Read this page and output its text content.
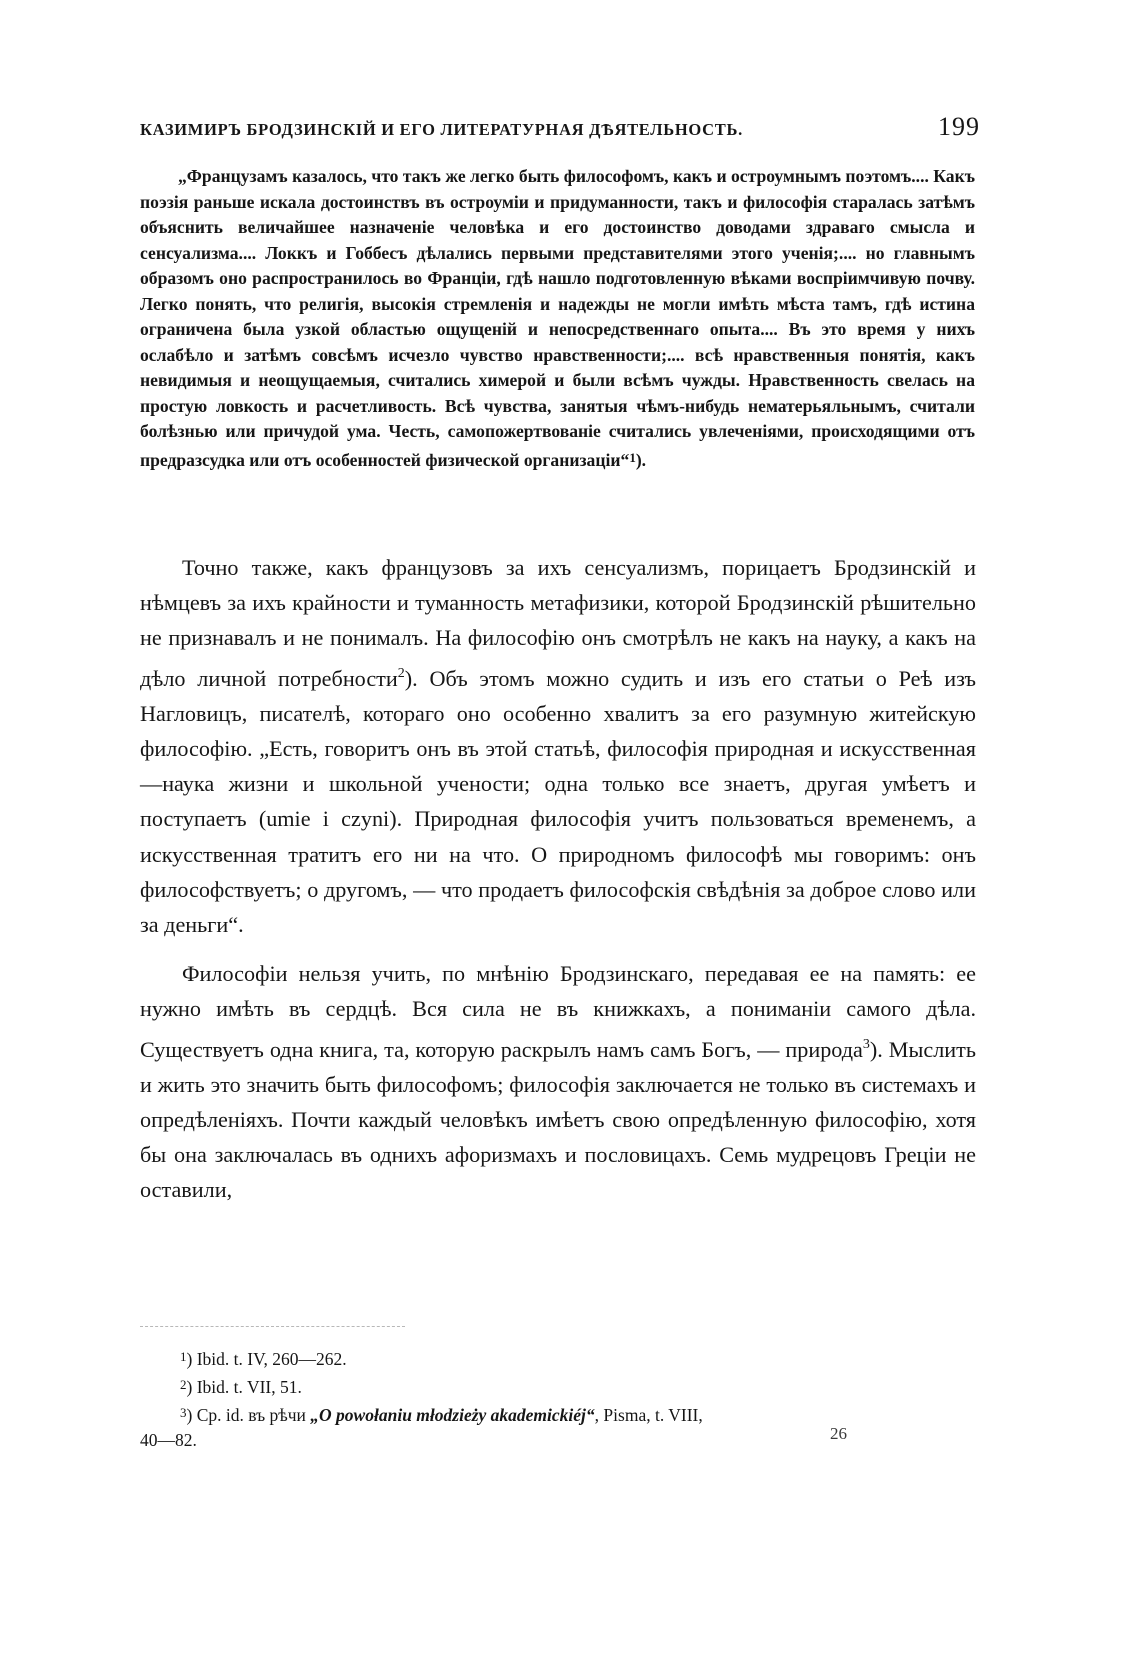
КАЗИМИРЪ БРОДЗИНСКІЙ И ЕГО ЛИТЕРАТУРНАЯ ДѢЯТЕЛЬНОСТЬ.	199

„Французамъ казалось, что такъ же легко быть философомъ, какъ и остроумнымъ поэтомъ.... Какъ поэзія раньше искала достоинствъ въ остроуміи и придуманности, такъ и философія старалась затѣмъ объяснить величайшее назначеніе человѣка и его достоинство доводами здраваго смысла и сенсуализма.... Локкъ и Гоббесъ дѣлались первыми представителями этого ученія;.... но главнымъ образомъ оно распространилось во Франціи, гдѣ нашло подготовленную вѣками воспріимчивую почву. Легко понять, что религія, высокія стремленія и надежды не могли имѣть мѣста тамъ, гдѣ истина ограничена была узкой областью ощущеній и непосредственнаго опыта.... Въ это время у нихъ ослабѣло и затѣмъ совсѣмъ исчезло чувство нравственности;.... всѣ нравственныя понятія, какъ невидимыя и неощущаемыя, считались химерой и были всѣмъ чужды. Нравственность свелась на простую ловкость и расчетливость. Всѣ чувства, занятыя чѣмъ-нибудь нематерьяльнымъ, считали болѣзнью или причудой ума. Честь, самопожертвованіе считались увлеченіями, происходящими отъ предразсудка или отъ особенностей физической организаціи“$^1$).

Точно также, какъ французовъ за ихъ сенсуализмъ, порицаетъ Бродзинскій и нѣмцевъ за ихъ крайности и туманность метафизики, которой Бродзинскій рѣшительно не признавалъ и не понималъ. На философію онъ смотрѣлъ не какъ на науку, а какъ на дѣло личной потребности$^2$). Объ этомъ можно судить и изъ его статьи о Реѣ изъ Нагловицъ, писателѣ, котораго оно особенно хвалитъ за его разумную житейскую философію. „Есть, говоритъ онъ въ этой статьѣ, философія природная и искусственная—наука жизни и школьной учености; одна только все знаетъ, другая умѣетъ и поступаетъ (umie i czyni). Природная философія учитъ пользоваться временемъ, а искусственная тратитъ его ни на что. О природномъ философѣ мы говоримъ: онъ философствуетъ; о другомъ, — что продаетъ философскія свѣдѣнія за доброе слово или за деньги“.

Философіи нельзя учить, по мнѣнію Бродзинскаго, передавая ее на память: ее нужно имѣть въ сердцѣ. Вся сила не въ книжкахъ, а пониманіи самого дѣла. Существуетъ одна книга, та, которую раскрылъ намъ самъ Богъ, — природа$^3$). Мыслить и жить это значить быть философомъ; философія заключается не только въ системахъ и опредѣленіяхъ. Почти каждый человѣкъ имѣетъ свою опредѣленную философію, хотя бы она заключалась въ однихъ афоризмахъ и пословицахъ. Семь мудрецовъ Греціи не оставили,

$^1$) Ibid. t. IV, 260—262.

$^2$) Ibid. t. VII, 51.

$^3$) Ср. id. въ рѣчи „O powołaniu młodzieży akademickiéj“, Pisma, t. VIII,
40—82.	26
